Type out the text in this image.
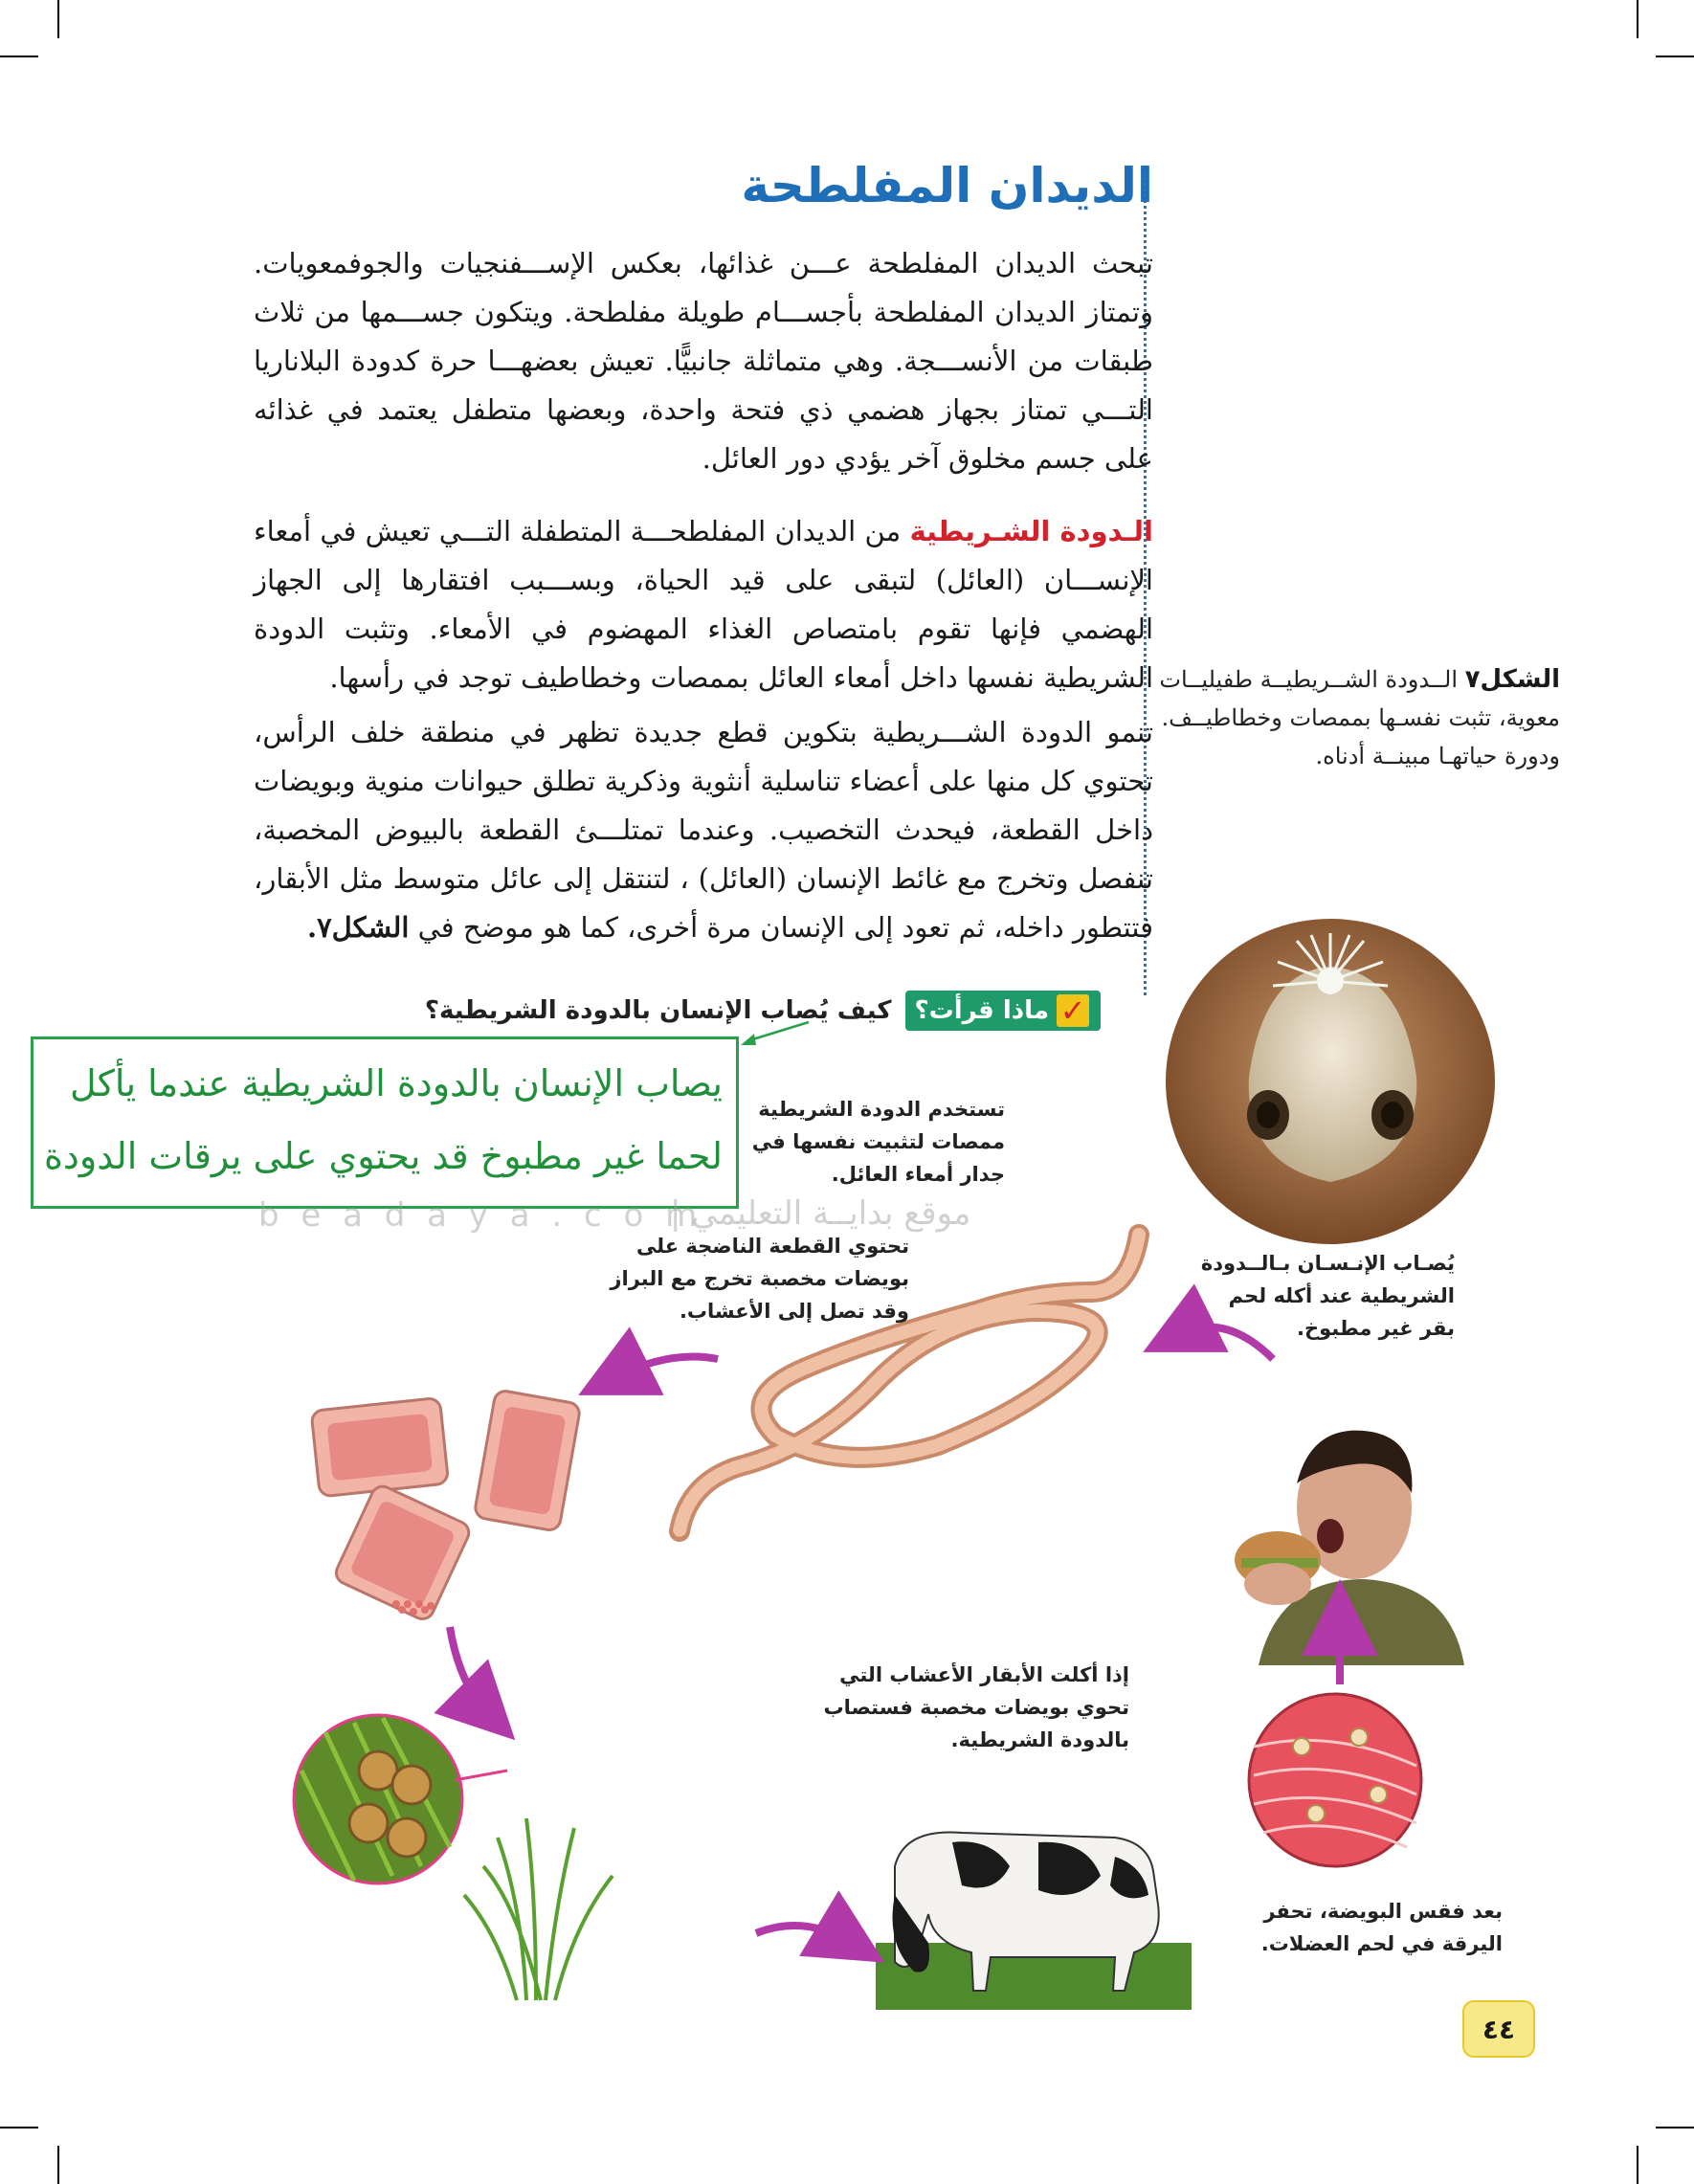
الديدان المفلطحة

تبحث الديدان المفلطحة عـــن غذائها، بعكس الإســـفنجيات والجوفمعويات. وتمتاز الديدان المفلطحة بأجســـام طويلة مفلطحة. ويتكون جســـمها من ثلاث طبقات من الأنســـجة. وهي متماثلة جانبيًّا. تعيش بعضهـــا حرة كدودة البلاناريا التـــي تمتاز بجهاز هضمي ذي فتحة واحدة، وبعضها متطفل يعتمد في غذائه على جسم مخلوق آخر يؤدي دور العائل.

الـدودة الشـريطية من الديدان المفلطحـــة المتطفلة التـــي تعيش في أمعاء الإنســـان (العائل) لتبقى على قيد الحياة، وبســـبب افتقارها إلى الجهاز الهضمي فإنها تقوم بامتصاص الغذاء المهضوم في الأمعاء. وتثبت الدودة الشريطية نفسها داخل أمعاء العائل بممصات وخطاطيف توجد في رأسها.

تنمو الدودة الشـــريطية بتكوين قطع جديدة تظهر في منطقة خلف الرأس، تحتوي كل منها على أعضاء تناسلية أنثوية وذكرية تطلق حيوانات منوية وبويضات داخل القطعة، فيحدث التخصيب. وعندما تمتلـــئ القطعة بالبيوض المخصبة، تنفصل وتخرج مع غائط الإنسان (العائل) ، لتنتقل إلى عائل متوسط مثل الأبقار، فتتطور داخله، ثم تعود إلى الإنسان مرة أخرى، كما هو موضح في الشكل٧.

الشكل٧ الــدودة الشــريطيــة طفيليــات معوية، تثبت نفسـها بممصات وخطاطيــف. ودورة حياتهـا مبينــة أدناه.
✓
ماذا قرأت؟
كيف يُصاب الإنسان بالدودة الشريطية؟
يصاب الإنسان بالدودة الشريطية عندما يأكل
لحما غير مطبوخ قد يحتوي على يرقات الدودة
b e a d a y a . c o m
موقع بدايــة التعليمي |
تستخدم الدودة الشريطية ممصات لتثبيت نفسها في جدار أمعاء العائل.
تحتوي القطعة الناضجة على بويضات مخصبة تخرج مع البراز وقد تصل إلى الأعشاب.
يُصـاب الإنـسـان بـالــدودة الشريطية عند أكله لحم بقر غير مطبوخ.
إذا أكلت الأبقار الأعشاب التي تحوي بويضات مخصبة فستصاب بالدودة الشريطية.
بعد فقس البويضة، تحفر اليرقة في لحم العضلات.
٤٤
